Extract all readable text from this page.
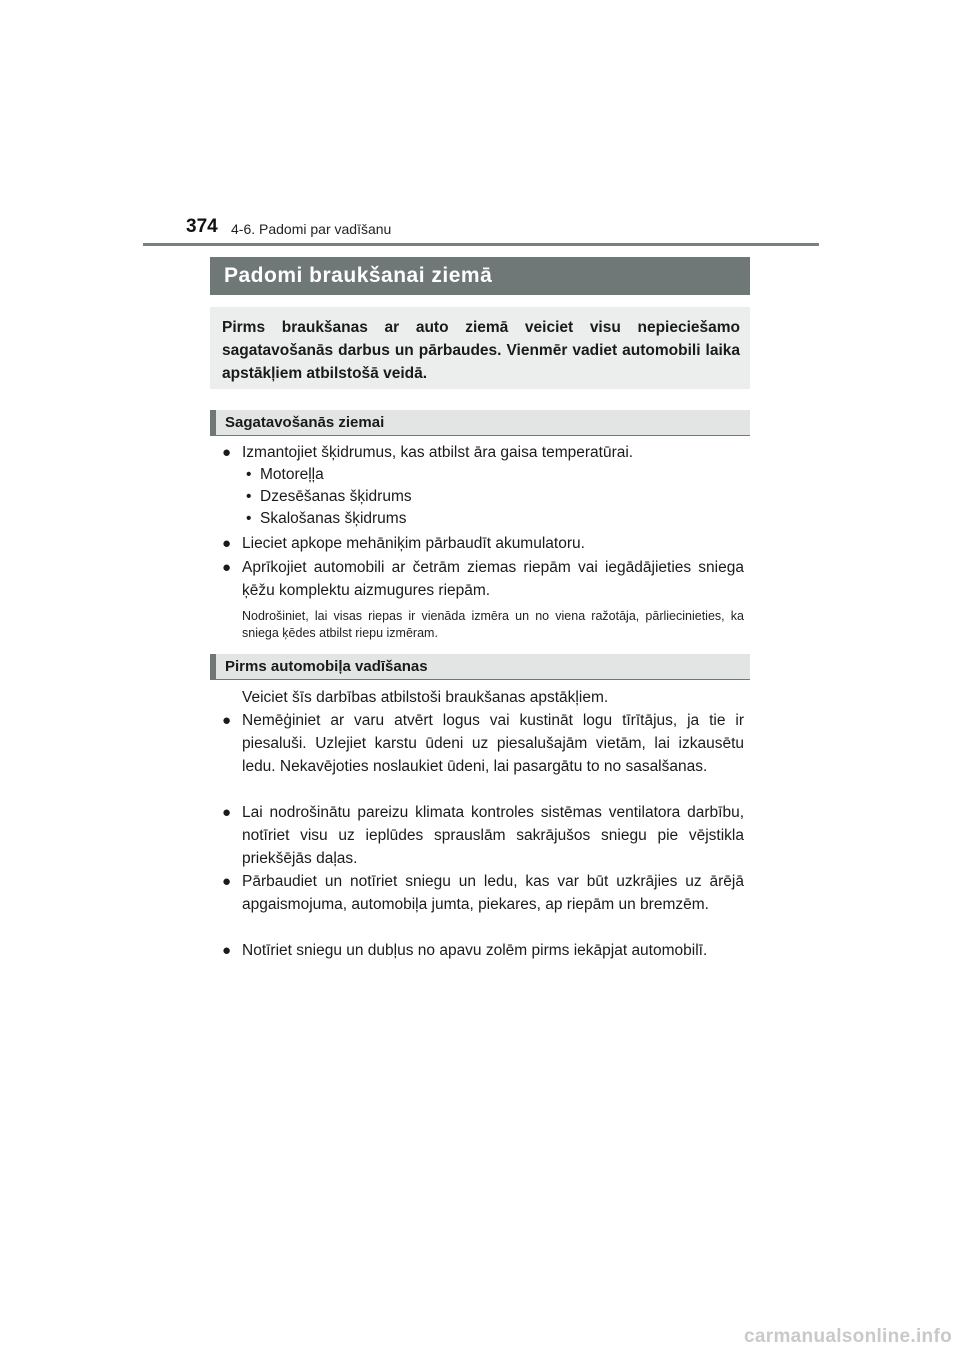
374 4-6. Padomi par vadīšanu
Padomi braukšanai ziemā
Pirms braukšanas ar auto ziemā veiciet visu nepieciešamo sagatavošanās darbus un pārbaudes. Vienmēr vadiet automobili laika apstākļiem atbilstošā veidā.
Sagatavošanās ziemai
● Izmantojiet šķidrumus, kas atbilst āra gaisa temperatūrai.
• Motoreļļa
• Dzesēšanas šķidrums
• Skalošanas šķidrums
● Lieciet apkope mehāniķim pārbaudīt akumulatoru.
● Aprīkojiet automobili ar četrām ziemas riepām vai iegādājieties sniega ķēžu komplektu aizmugures riepām.
Nodrošiniet, lai visas riepas ir vienāda izmēra un no viena ražotāja, pārliecinieties, ka sniega ķēdes atbilst riepu izmēram.
Pirms automobiļa vadīšanas
Veiciet šīs darbības atbilstoši braukšanas apstākļiem.
● Nemēģiniet ar varu atvērt logus vai kustināt logu tīrītājus, ja tie ir piesaluši. Uzlejiet karstu ūdeni uz piesalušajām vietām, lai izkausētu ledu. Nekavējoties noslaukiet ūdeni, lai pasargātu to no sasalšanas.
● Lai nodrošinātu pareizu klimata kontroles sistēmas ventilatora darbību, notīriet visu uz ieplūdes sprauslām sakrājušos sniegu pie vējstikla priekšējās daļas.
● Pārbaudiet un notīriet sniegu un ledu, kas var būt uzkrājies uz ārējā apgaismojuma, automobiļa jumta, piekares, ap riepām un bremzēm.
● Notīriet sniegu un dubļus no apavu zolēm pirms iekāpjat automobilī.
carmanualsonline.info
